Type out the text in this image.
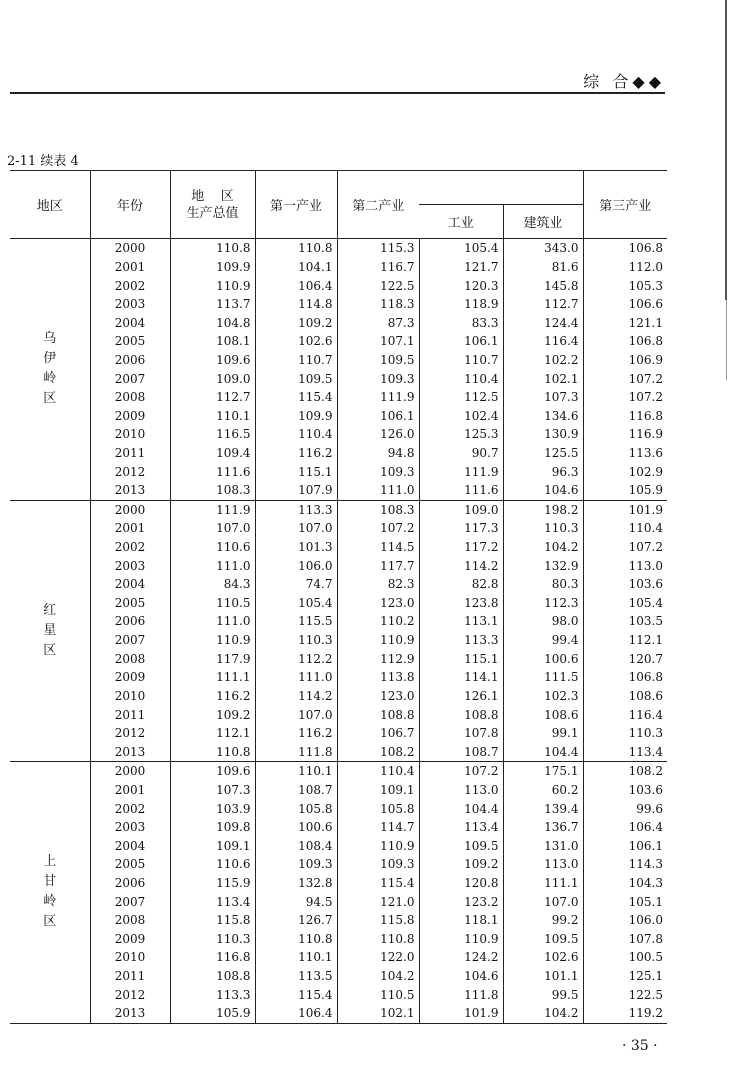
综 合◆◆
2-11 续表 4
地区	年份	地    区
生产总值	第一产业	第二产业			第三产业
					工业	建筑业	
乌伊岭区	2000	110.8	110.8	115.3	105.4	343.0	106.8
	2001	109.9	104.1	116.7	121.7	81.6	112.0
	2002	110.9	106.4	122.5	120.3	145.8	105.3
	2003	113.7	114.8	118.3	118.9	112.7	106.6
	2004	104.8	109.2	87.3	83.3	124.4	121.1
	2005	108.1	102.6	107.1	106.1	116.4	106.8
	2006	109.6	110.7	109.5	110.7	102.2	106.9
	2007	109.0	109.5	109.3	110.4	102.1	107.2
	2008	112.7	115.4	111.9	112.5	107.3	107.2
	2009	110.1	109.9	106.1	102.4	134.6	116.8
	2010	116.5	110.4	126.0	125.3	130.9	116.9
	2011	109.4	116.2	94.8	90.7	125.5	113.6
	2012	111.6	115.1	109.3	111.9	96.3	102.9
	2013	108.3	107.9	111.0	111.6	104.6	105.9
红星区	2000	111.9	113.3	108.3	109.0	198.2	101.9
	2001	107.0	107.0	107.2	117.3	110.3	110.4
	2002	110.6	101.3	114.5	117.2	104.2	107.2
	2003	111.0	106.0	117.7	114.2	132.9	113.0
	2004	84.3	74.7	82.3	82.8	80.3	103.6
	2005	110.5	105.4	123.0	123.8	112.3	105.4
	2006	111.0	115.5	110.2	113.1	98.0	103.5
	2007	110.9	110.3	110.9	113.3	99.4	112.1
	2008	117.9	112.2	112.9	115.1	100.6	120.7
	2009	111.1	111.0	113.8	114.1	111.5	106.8
	2010	116.2	114.2	123.0	126.1	102.3	108.6
	2011	109.2	107.0	108.8	108.8	108.6	116.4
	2012	112.1	116.2	106.7	107.8	99.1	110.3
	2013	110.8	111.8	108.2	108.7	104.4	113.4
上甘岭区	2000	109.6	110.1	110.4	107.2	175.1	108.2
	2001	107.3	108.7	109.1	113.0	60.2	103.6
	2002	103.9	105.8	105.8	104.4	139.4	99.6
	2003	109.8	100.6	114.7	113.4	136.7	106.4
	2004	109.1	108.4	110.9	109.5	131.0	106.1
	2005	110.6	109.3	109.3	109.2	113.0	114.3
	2006	115.9	132.8	115.4	120.8	111.1	104.3
	2007	113.4	94.5	121.0	123.2	107.0	105.1
	2008	115.8	126.7	115.8	118.1	99.2	106.0
	2009	110.3	110.8	110.8	110.9	109.5	107.8
	2010	116.8	110.1	122.0	124.2	102.6	100.5
	2011	108.8	113.5	104.2	104.6	101.1	125.1
	2012	113.3	115.4	110.5	111.8	99.5	122.5
	2013	105.9	106.4	102.1	101.9	104.2	119.2
· 35 ·
